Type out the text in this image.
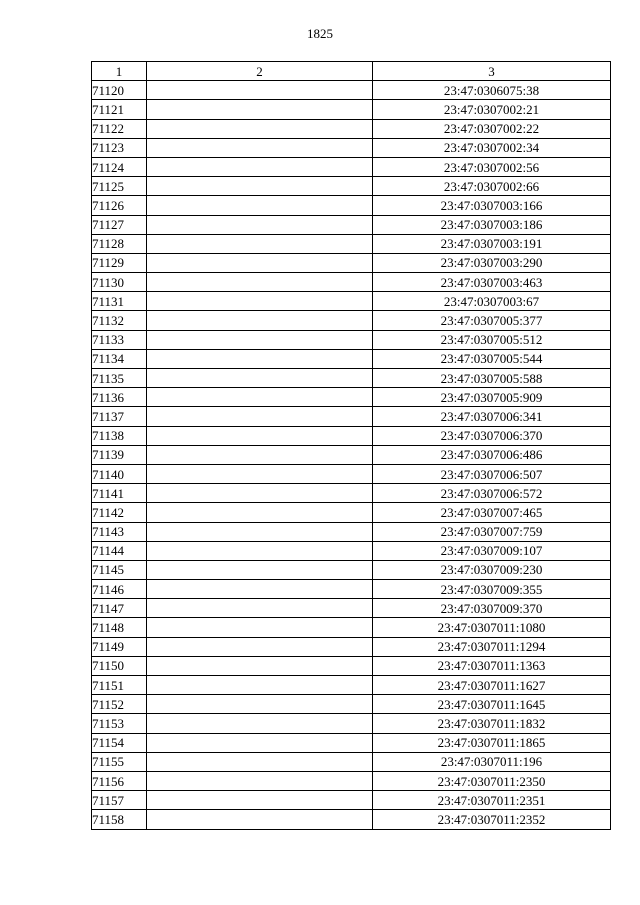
1825
1	2	3
71120		23:47:0306075:38
71121		23:47:0307002:21
71122		23:47:0307002:22
71123		23:47:0307002:34
71124		23:47:0307002:56
71125		23:47:0307002:66
71126		23:47:0307003:166
71127		23:47:0307003:186
71128		23:47:0307003:191
71129		23:47:0307003:290
71130		23:47:0307003:463
71131		23:47:0307003:67
71132		23:47:0307005:377
71133		23:47:0307005:512
71134		23:47:0307005:544
71135		23:47:0307005:588
71136		23:47:0307005:909
71137		23:47:0307006:341
71138		23:47:0307006:370
71139		23:47:0307006:486
71140		23:47:0307006:507
71141		23:47:0307006:572
71142		23:47:0307007:465
71143		23:47:0307007:759
71144		23:47:0307009:107
71145		23:47:0307009:230
71146		23:47:0307009:355
71147		23:47:0307009:370
71148		23:47:0307011:1080
71149		23:47:0307011:1294
71150		23:47:0307011:1363
71151		23:47:0307011:1627
71152		23:47:0307011:1645
71153		23:47:0307011:1832
71154		23:47:0307011:1865
71155		23:47:0307011:196
71156		23:47:0307011:2350
71157		23:47:0307011:2351
71158		23:47:0307011:2352
